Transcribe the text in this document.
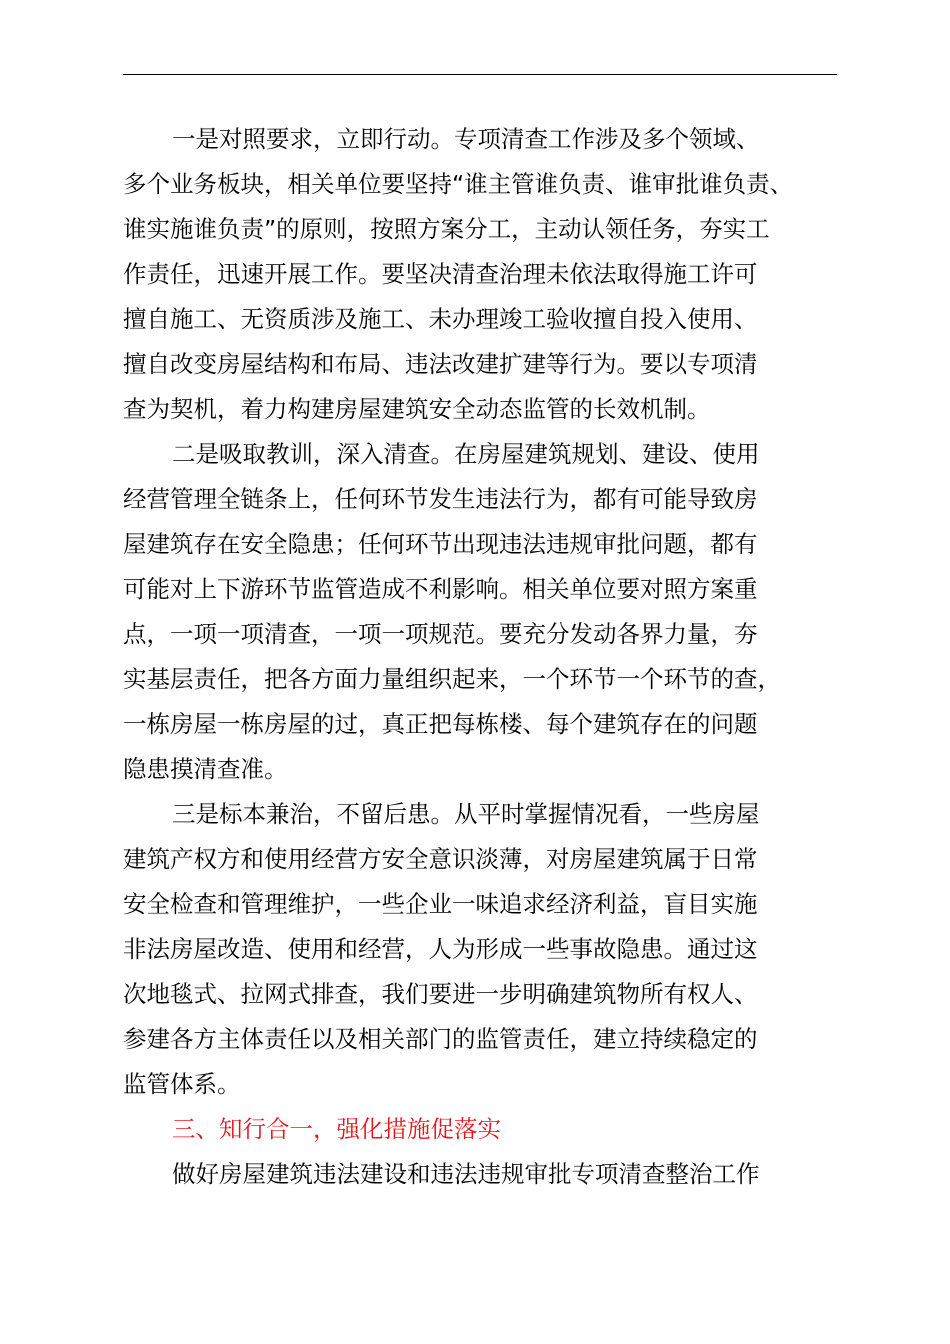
一是对照要求，立即行动。专项清查工作涉及多个领域、
多个业务板块，相关单位要坚持“谁主管谁负责、谁审批谁负责、
谁实施谁负责”的原则，按照方案分工，主动认领任务，夯实工
作责任，迅速开展工作。要坚决清查治理未依法取得施工许可
擅自施工、无资质涉及施工、未办理竣工验收擅自投入使用、
擅自改变房屋结构和布局、违法改建扩建等行为。要以专项清
查为契机，着力构建房屋建筑安全动态监管的长效机制。
二是吸取教训，深入清查。在房屋建筑规划、建设、使用
经营管理全链条上，任何环节发生违法行为，都有可能导致房
屋建筑存在安全隐患；任何环节出现违法违规审批问题，都有
可能对上下游环节监管造成不利影响。相关单位要对照方案重
点，一项一项清查，一项一项规范。要充分发动各界力量，夯
实基层责任，把各方面力量组织起来，一个环节一个环节的查，
一栋房屋一栋房屋的过，真正把每栋楼、每个建筑存在的问题
隐患摸清查准。
三是标本兼治，不留后患。从平时掌握情况看，一些房屋
建筑产权方和使用经营方安全意识淡薄，对房屋建筑属于日常
安全检查和管理维护，一些企业一味追求经济利益，盲目实施
非法房屋改造、使用和经营，人为形成一些事故隐患。通过这
次地毯式、拉网式排查，我们要进一步明确建筑物所有权人、
参建各方主体责任以及相关部门的监管责任，建立持续稳定的
监管体系。
三、知行合一，强化措施促落实
做好房屋建筑违法建设和违法违规审批专项清查整治工作
